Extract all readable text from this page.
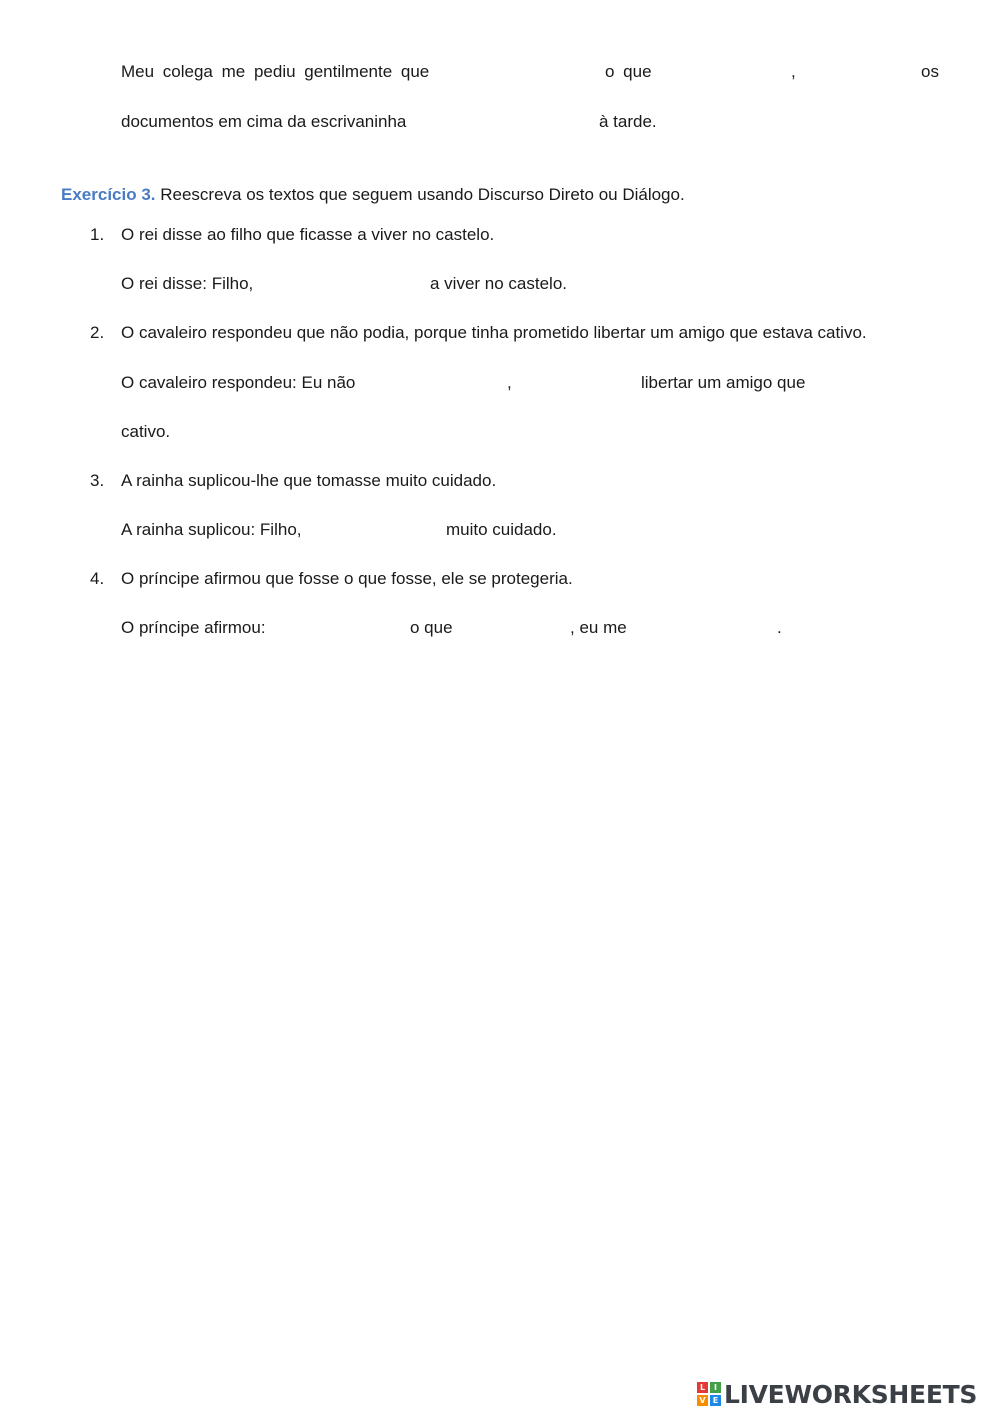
Meu colega me pediu gentilmente que	o que	,	os
documentos em cima da escrivaninha	à tarde.
Exercício 3. Reescreva os textos que seguem usando Discurso Direto ou Diálogo.
1. O rei disse ao filho que ficasse a viver no castelo.
O rei disse: Filho,	a viver no castelo.
2. O cavaleiro respondeu que não podia, porque tinha prometido libertar um amigo que estava cativo.
O cavaleiro respondeu: Eu não	,	libertar um amigo que
cativo.
3. A rainha suplicou-lhe que tomasse muito cuidado.
A rainha suplicou: Filho,	muito cuidado.
4. O príncipe afirmou que fosse o que fosse, ele se protegeria.
O príncipe afirmou:	o que	, eu me	.
L	I
V E LIVEWORKSHEETS
